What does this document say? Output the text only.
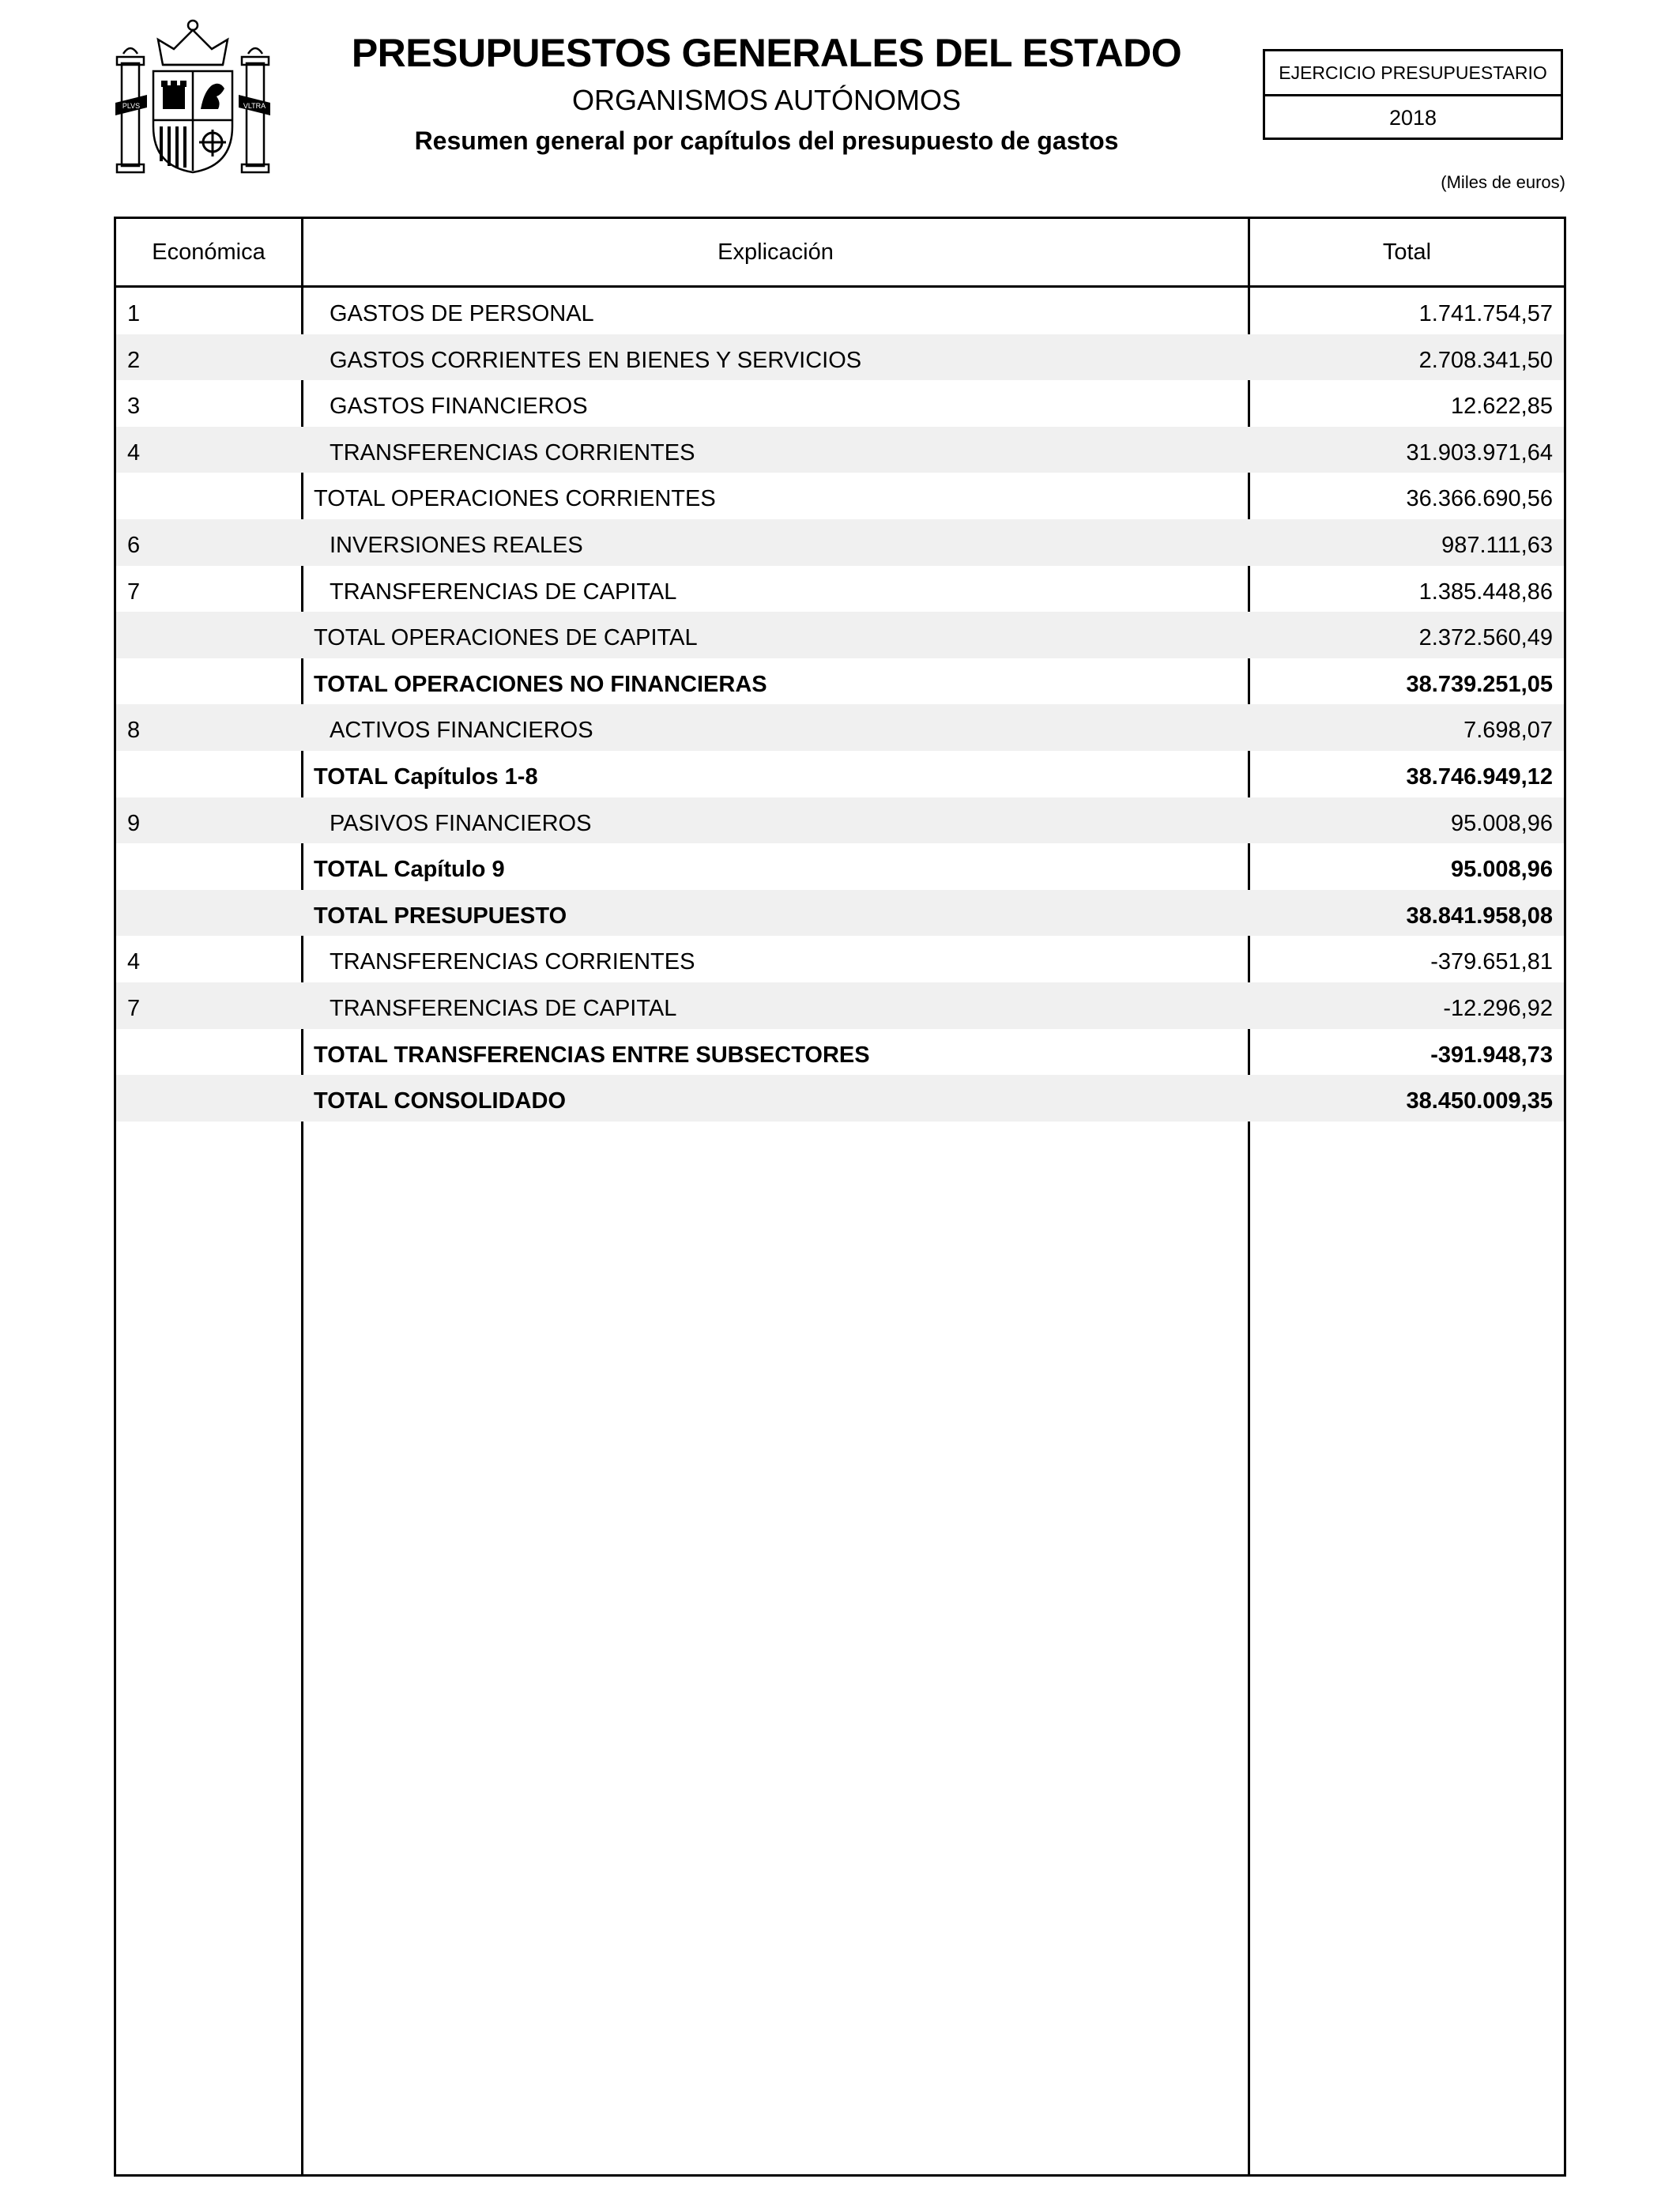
PLVS	VLTRA
PRESUPUESTOS GENERALES DEL ESTADO
ORGANISMOS AUTÓNOMOS
Resumen general por capítulos del presupuesto de gastos
EJERCICIO PRESUPUESTARIO
2018
(Miles de euros)
Económica	Explicación	Total
1	GASTOS DE PERSONAL	1.741.754,57
2	GASTOS CORRIENTES EN BIENES Y SERVICIOS	2.708.341,50
3	GASTOS FINANCIEROS	12.622,85
4	TRANSFERENCIAS CORRIENTES	31.903.971,64
TOTAL OPERACIONES CORRIENTES	36.366.690,56
6	INVERSIONES REALES	987.111,63
7	TRANSFERENCIAS DE CAPITAL	1.385.448,86
TOTAL OPERACIONES DE CAPITAL	2.372.560,49
TOTAL OPERACIONES NO FINANCIERAS	38.739.251,05
8	ACTIVOS FINANCIEROS	7.698,07
TOTAL Capítulos 1-8	38.746.949,12
9	PASIVOS FINANCIEROS	95.008,96
TOTAL Capítulo 9	95.008,96
TOTAL PRESUPUESTO	38.841.958,08
4	TRANSFERENCIAS CORRIENTES	-379.651,81
7	TRANSFERENCIAS DE CAPITAL	-12.296,92
TOTAL TRANSFERENCIAS ENTRE SUBSECTORES	-391.948,73
TOTAL CONSOLIDADO	38.450.009,35
